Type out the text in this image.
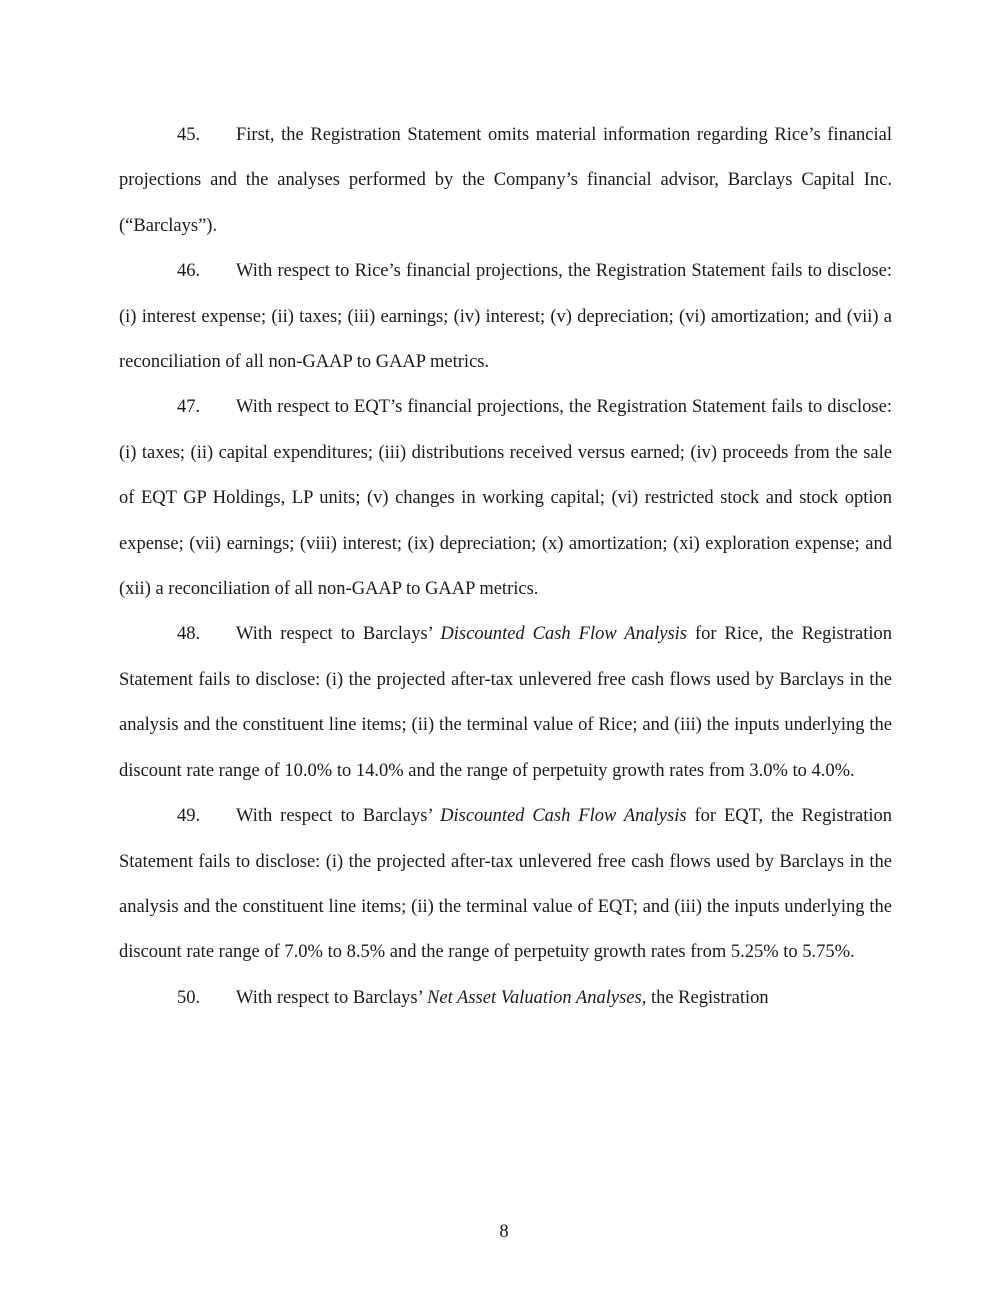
45. First, the Registration Statement omits material information regarding Rice’s financial projections and the analyses performed by the Company’s financial advisor, Barclays Capital Inc. (“Barclays”).

46. With respect to Rice’s financial projections, the Registration Statement fails to disclose: (i) interest expense; (ii) taxes; (iii) earnings; (iv) interest; (v) depreciation; (vi) amortization; and (vii) a reconciliation of all non-GAAP to GAAP metrics.

47. With respect to EQT’s financial projections, the Registration Statement fails to disclose: (i) taxes; (ii) capital expenditures; (iii) distributions received versus earned; (iv) proceeds from the sale of EQT GP Holdings, LP units; (v) changes in working capital; (vi) restricted stock and stock option expense; (vii) earnings; (viii) interest; (ix) depreciation; (x) amortization; (xi) exploration expense; and (xii) a reconciliation of all non-GAAP to GAAP metrics.

48. With respect to Barclays’ Discounted Cash Flow Analysis for Rice, the Registration Statement fails to disclose: (i) the projected after-tax unlevered free cash flows used by Barclays in the analysis and the constituent line items; (ii) the terminal value of Rice; and (iii) the inputs underlying the discount rate range of 10.0% to 14.0% and the range of perpetuity growth rates from 3.0% to 4.0%.

49. With respect to Barclays’ Discounted Cash Flow Analysis for EQT, the Registration Statement fails to disclose: (i) the projected after-tax unlevered free cash flows used by Barclays in the analysis and the constituent line items; (ii) the terminal value of EQT; and (iii) the inputs underlying the discount rate range of 7.0% to 8.5% and the range of perpetuity growth rates from 5.25% to 5.75%.

50. With respect to Barclays’ Net Asset Valuation Analyses, the Registration

8
